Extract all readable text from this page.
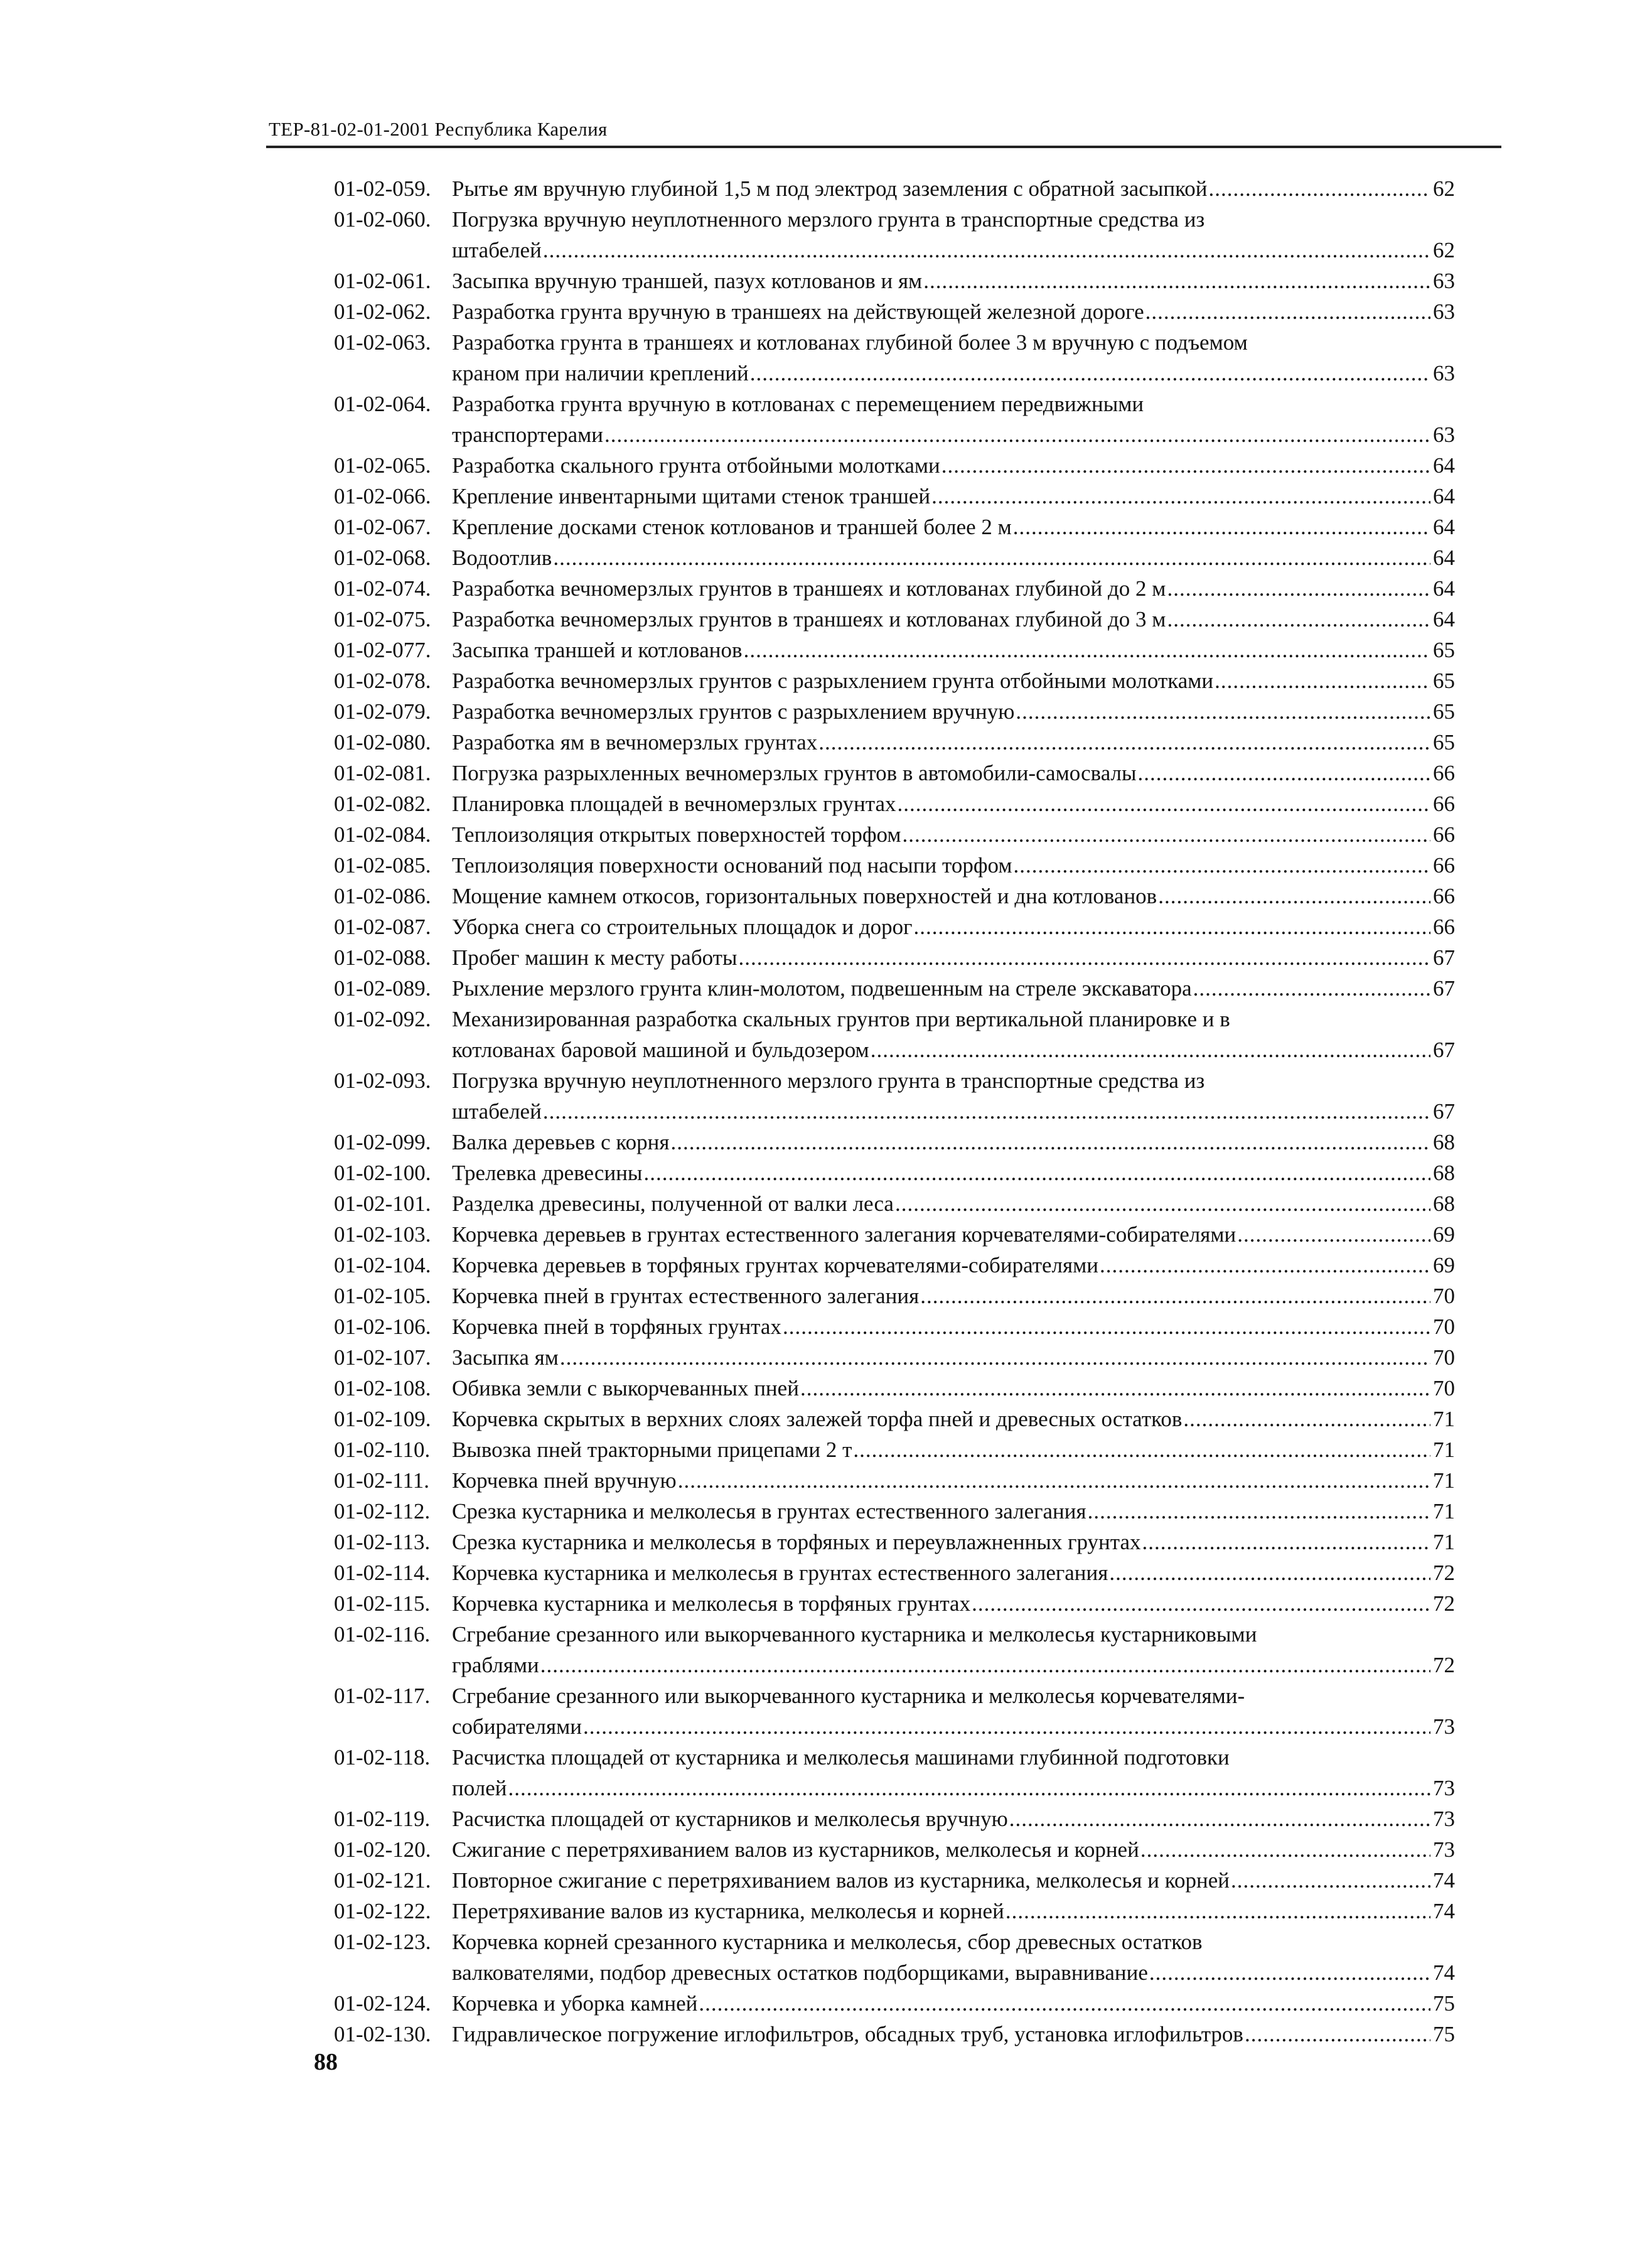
ТЕР-81-02-01-2001 Республика Карелия
01-02-059. Рытье ям вручную глубиной 1,5 м под электрод заземления с обратной засыпкой .....	62
01-02-060. Погрузка вручную неуплотненного мерзлого грунта в транспортные средства из
штабелей .....	62
01-02-061. Засыпка вручную траншей, пазух котлованов и ям .....	63
01-02-062. Разработка грунта вручную в траншеях на действующей железной дороге .....	63
01-02-063. Разработка грунта в траншеях и котлованах глубиной более 3 м вручную с подъемом
краном при наличии креплений .....	63
01-02-064. Разработка грунта вручную в котлованах с перемещением передвижными
транспортерами .....	63
01-02-065. Разработка скального грунта отбойными молотками .....	64
01-02-066. Крепление инвентарными щитами стенок траншей .....	64
01-02-067. Крепление досками стенок котлованов и траншей более 2 м .....	64
01-02-068. Водоотлив .....	64
01-02-074. Разработка вечномерзлых грунтов в траншеях и котлованах глубиной до 2 м .....	64
01-02-075. Разработка вечномерзлых грунтов в траншеях и котлованах глубиной до 3 м .....	64
01-02-077. Засыпка траншей и котлованов .....	65
01-02-078. Разработка вечномерзлых грунтов с разрыхлением грунта отбойными молотками .....	65
01-02-079. Разработка вечномерзлых грунтов с разрыхлением вручную .....	65
01-02-080. Разработка ям в вечномерзлых грунтах .....	65
01-02-081. Погрузка разрыхленных вечномерзлых грунтов в автомобили-самосвалы .....	66
01-02-082. Планировка площадей в вечномерзлых грунтах .....	66
01-02-084. Теплоизоляция открытых поверхностей торфом .....	66
01-02-085. Теплоизоляция поверхности оснований под насыпи торфом .....	66
01-02-086. Мощение камнем откосов, горизонтальных поверхностей и дна котлованов .....	66
01-02-087. Уборка снега со строительных площадок и дорог .....	66
01-02-088. Пробег машин к месту работы .....	67
01-02-089. Рыхление мерзлого грунта клин-молотом, подвешенным на стреле экскаватора .....	67
01-02-092. Механизированная разработка скальных грунтов при вертикальной планировке и в
котлованах баровой машиной и бульдозером .....	67
01-02-093. Погрузка вручную неуплотненного мерзлого грунта в транспортные средства из
штабелей .....	67
01-02-099. Валка деревьев с корня .....	68
01-02-100. Трелевка древесины .....	68
01-02-101. Разделка древесины, полученной от валки леса .....	68
01-02-103. Корчевка деревьев в грунтах естественного залегания корчевателями-собирателями .....	69
01-02-104. Корчевка деревьев в торфяных грунтах корчевателями-собирателями .....	69
01-02-105. Корчевка пней в грунтах естественного залегания .....	70
01-02-106. Корчевка пней в торфяных грунтах .....	70
01-02-107. Засыпка ям .....	70
01-02-108. Обивка земли с выкорчеванных пней .....	70
01-02-109. Корчевка скрытых в верхних слоях залежей торфа пней и древесных остатков .....	71
01-02-110. Вывозка пней тракторными прицепами 2 т .....	71
01-02-111.	Корчевка пней вручную .....	71
01-02-112. Срезка кустарника и мелколесья в грунтах естественного залегания .....	71
01-02-113. Срезка кустарника и мелколесья в торфяных и переувлажненных грунтах .....	71
01-02-114. Корчевка кустарника и мелколесья в грунтах естественного залегания .....	72
01-02-115. Корчевка кустарника и мелколесья в торфяных грунтах .....	72
01-02-116. Сгребание срезанного или выкорчеванного кустарника и мелколесья кустарниковыми
граблями .....	72
01-02-117. Сгребание срезанного или выкорчеванного кустарника и мелколесья корчевателями-
собирателями .....	73
01-02-118. Расчистка площадей от кустарника и мелколесья машинами глубинной подготовки
полей .....	73
01-02-119. Расчистка площадей от кустарников и мелколесья вручную .....	73
01-02-120. Сжигание с перетряхиванием валов из кустарников, мелколесья и корней .....	73
01-02-121. Повторное сжигание с перетряхиванием валов из кустарника, мелколесья и корней .....	74
01-02-122. Перетряхивание валов из кустарника, мелколесья и корней .....	74
01-02-123. Корчевка корней срезанного кустарника и мелколесья, сбор древесных остатков
валкователями, подбор древесных остатков подборщиками, выравнивание .....	74
01-02-124. Корчевка и уборка камней .....	75
01-02-130. Гидравлическое погружение иглофильтров, обсадных труб, установка иглофильтров .....	75
88
